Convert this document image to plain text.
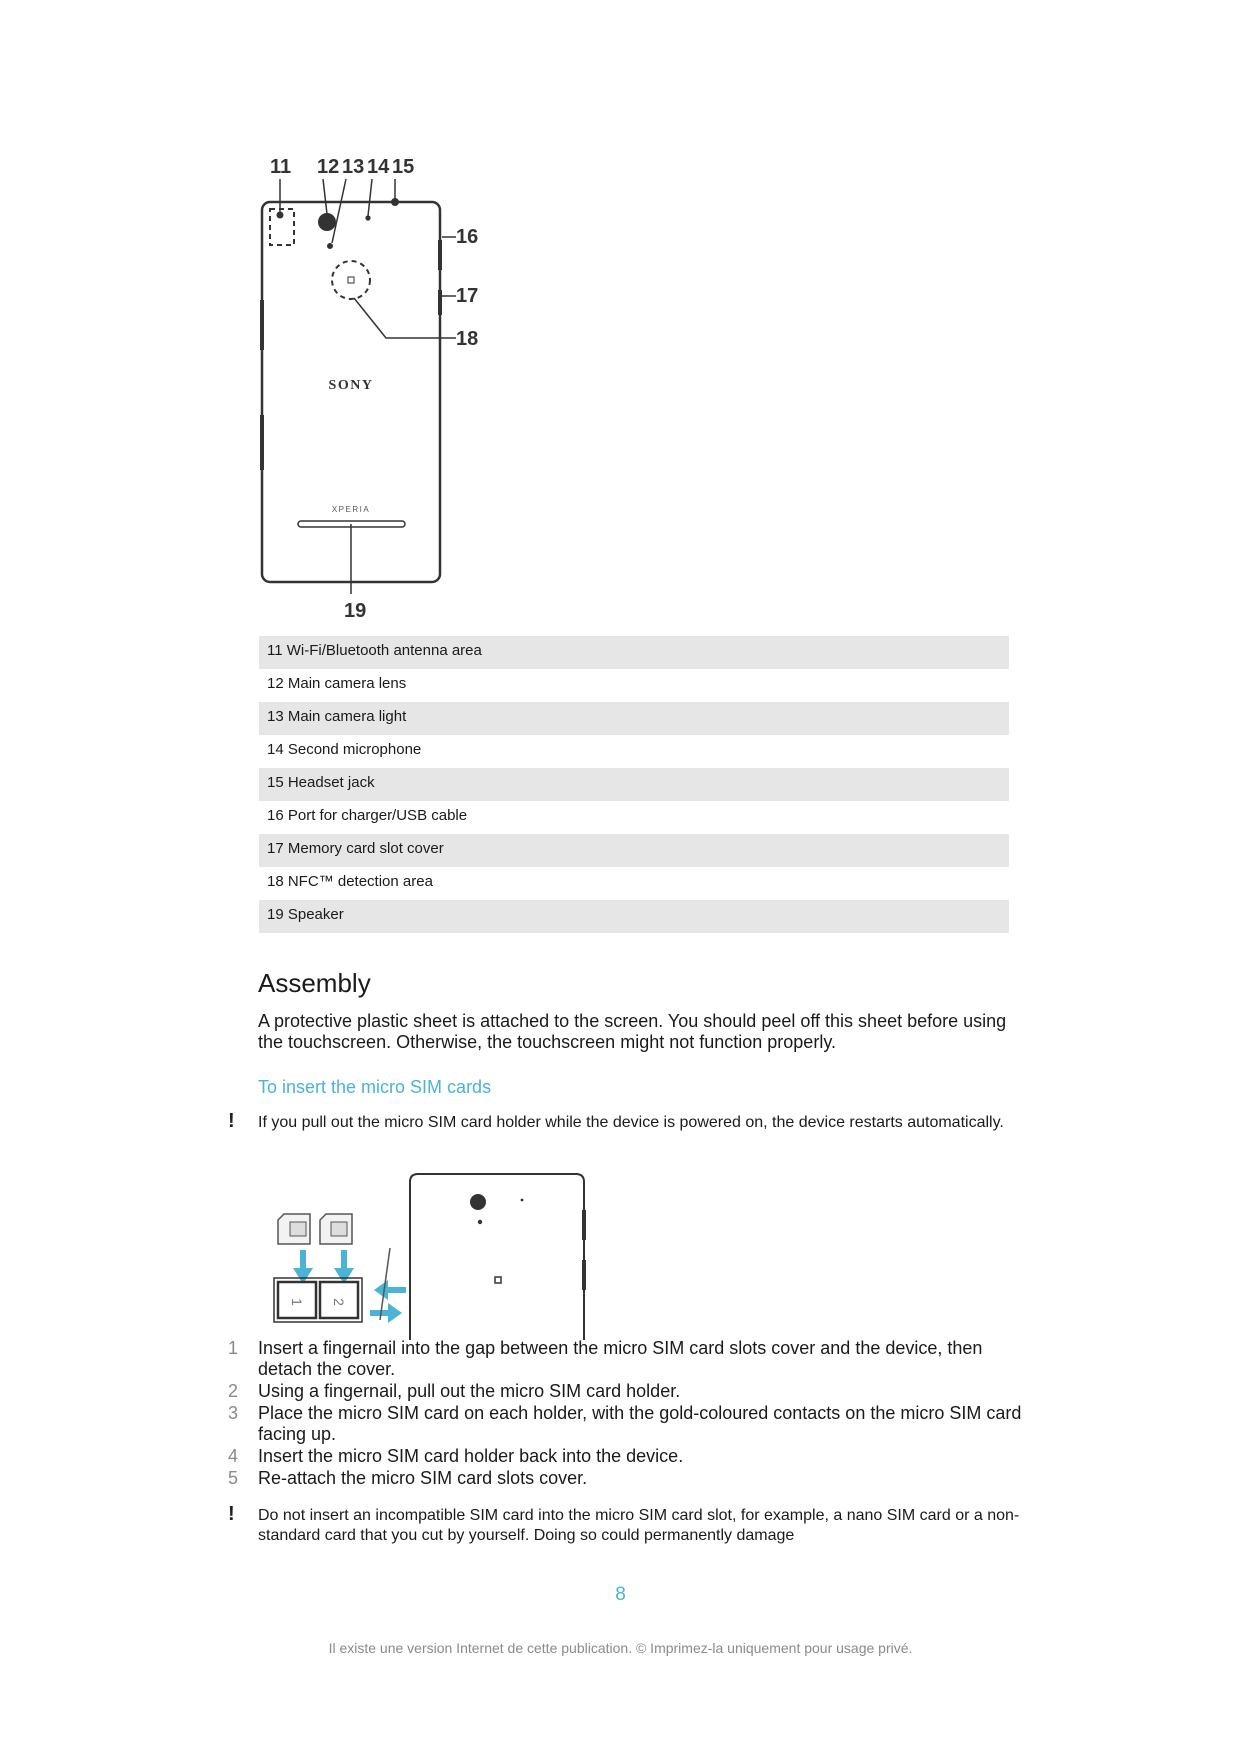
11 12 13 14 15
16
17
18
19
SONY
XPERIA
11 Wi-Fi/Bluetooth antenna area
12 Main camera lens
13 Main camera light
14 Second microphone
15 Headset jack
16 Port for charger/USB cable
17 Memory card slot cover
18 NFC™ detection area
19 Speaker
Assembly

A protective plastic sheet is attached to the screen. You should peel off this sheet before using the touchscreen. Otherwise, the touchscreen might not function properly.

To insert the micro SIM cards
! If you pull out the micro SIM card holder while the device is powered on, the device restarts automatically.
1 2
1	Insert a fingernail into the gap between the micro SIM card slots cover and the device, then detach the cover.
2	Using a fingernail, pull out the micro SIM card holder.
3	Place the micro SIM card on each holder, with the gold-coloured contacts on the micro SIM card facing up.
4	Insert the micro SIM card holder back into the device.
5	Re-attach the micro SIM card slots cover.
! Do not insert an incompatible SIM card into the micro SIM card slot, for example, a nano SIM card or a non-standard card that you cut by yourself. Doing so could permanently damage
8
Il existe une version Internet de cette publication. © Imprimez-la uniquement pour usage privé.
